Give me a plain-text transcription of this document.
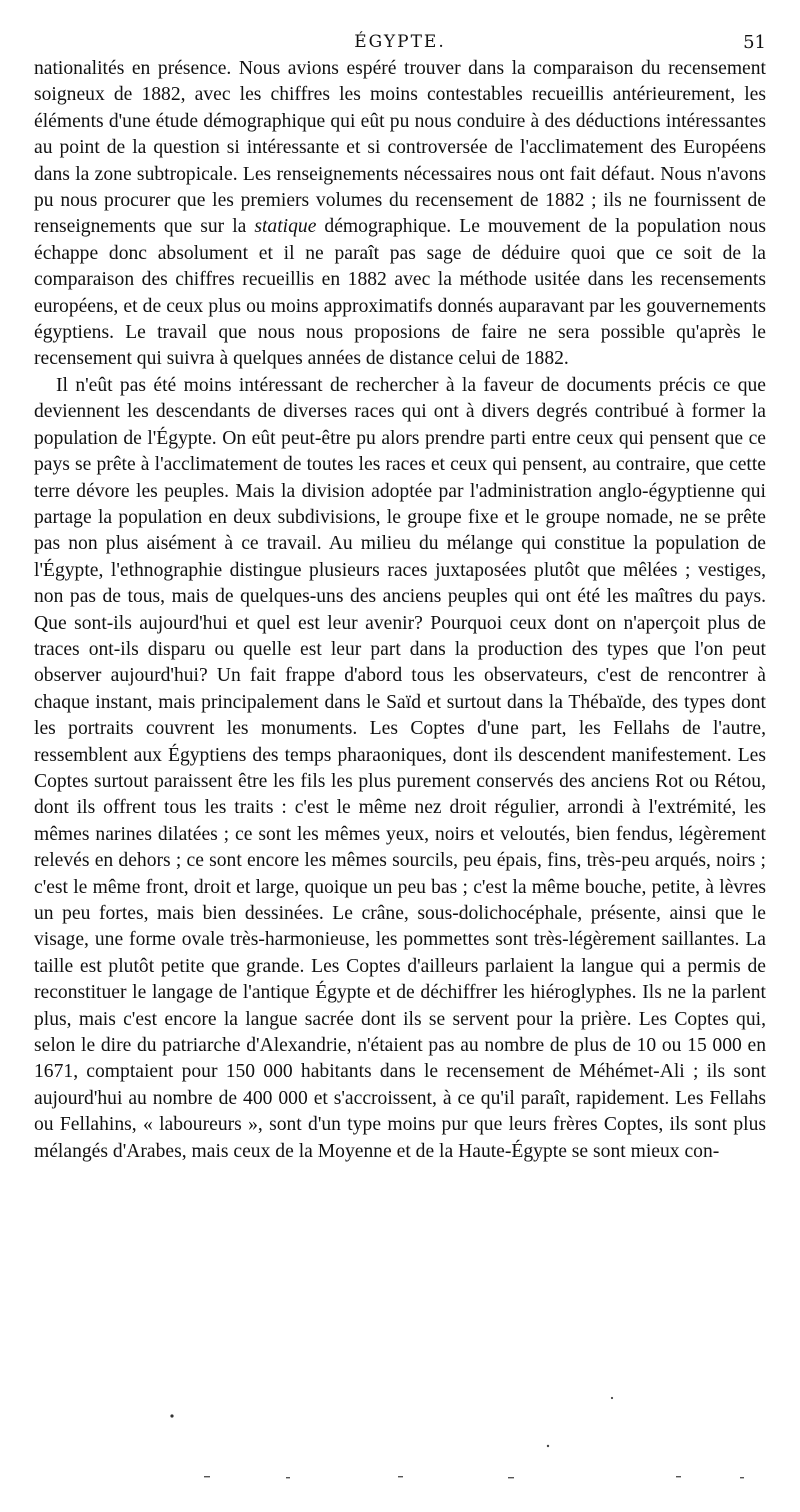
ÉGYPTE.	51

nationalités en présence. Nous avions espéré trouver dans la comparaison du recensement soigneux de 1882, avec les chiffres les moins contestables recueillis antérieurement, les éléments d'une étude démographique qui eût pu nous conduire à des déductions intéressantes au point de la question si intéressante et si controversée de l'acclimatement des Européens dans la zone subtropicale. Les renseignements nécessaires nous ont fait défaut. Nous n'avons pu nous procurer que les premiers volumes du recensement de 1882 ; ils ne fournissent de renseignements que sur la statique démographique. Le mouvement de la population nous échappe donc absolument et il ne paraît pas sage de déduire quoi que ce soit de la comparaison des chiffres recueillis en 1882 avec la méthode usitée dans les recensements européens, et de ceux plus ou moins approximatifs donnés auparavant par les gouvernements égyptiens. Le travail que nous nous proposions de faire ne sera possible qu'après le recensement qui suivra à quelques années de distance celui de 1882.

Il n'eût pas été moins intéressant de rechercher à la faveur de documents précis ce que deviennent les descendants de diverses races qui ont à divers degrés contribué à former la population de l'Égypte. On eût peut-être pu alors prendre parti entre ceux qui pensent que ce pays se prête à l'acclimatement de toutes les races et ceux qui pensent, au contraire, que cette terre dévore les peuples. Mais la division adoptée par l'administration anglo-égyptienne qui partage la population en deux subdivisions, le groupe fixe et le groupe nomade, ne se prête pas non plus aisément à ce travail. Au milieu du mélange qui constitue la population de l'Égypte, l'ethnographie distingue plusieurs races juxtaposées plutôt que mêlées ; vestiges, non pas de tous, mais de quelques-uns des anciens peuples qui ont été les maîtres du pays. Que sont-ils aujourd'hui et quel est leur avenir? Pourquoi ceux dont on n'aperçoit plus de traces ont-ils disparu ou quelle est leur part dans la production des types que l'on peut observer aujourd'hui? Un fait frappe d'abord tous les observateurs, c'est de rencontrer à chaque instant, mais principalement dans le Saïd et surtout dans la Thébaïde, des types dont les portraits couvrent les monuments. Les Coptes d'une part, les Fellahs de l'autre, ressemblent aux Égyptiens des temps pharaoniques, dont ils descendent manifestement. Les Coptes surtout paraissent être les fils les plus purement conservés des anciens Rot ou Rétou, dont ils offrent tous les traits : c'est le même nez droit régulier, arrondi à l'extrémité, les mêmes narines dilatées ; ce sont les mêmes yeux, noirs et veloutés, bien fendus, légèrement relevés en dehors ; ce sont encore les mêmes sourcils, peu épais, fins, très-peu arqués, noirs ; c'est le même front, droit et large, quoique un peu bas ; c'est la même bouche, petite, à lèvres un peu fortes, mais bien dessinées. Le crâne, sous-dolichocéphale, présente, ainsi que le visage, une forme ovale très-harmonieuse, les pommettes sont très-légèrement saillantes. La taille est plutôt petite que grande. Les Coptes d'ailleurs parlaient la langue qui a permis de reconstituer le langage de l'antique Égypte et de déchiffrer les hiéroglyphes. Ils ne la parlent plus, mais c'est encore la langue sacrée dont ils se servent pour la prière. Les Coptes qui, selon le dire du patriarche d'Alexandrie, n'étaient pas au nombre de plus de 10 ou 15 000 en 1671, comptaient pour 150 000 habitants dans le recensement de Méhémet-Ali ; ils sont aujourd'hui au nombre de 400 000 et s'accroissent, à ce qu'il paraît, rapidement. Les Fellahs ou Fellahins, « laboureurs », sont d'un type moins pur que leurs frères Coptes, ils sont plus mélangés d'Arabes, mais ceux de la Moyenne et de la Haute-Égypte se sont mieux con-
